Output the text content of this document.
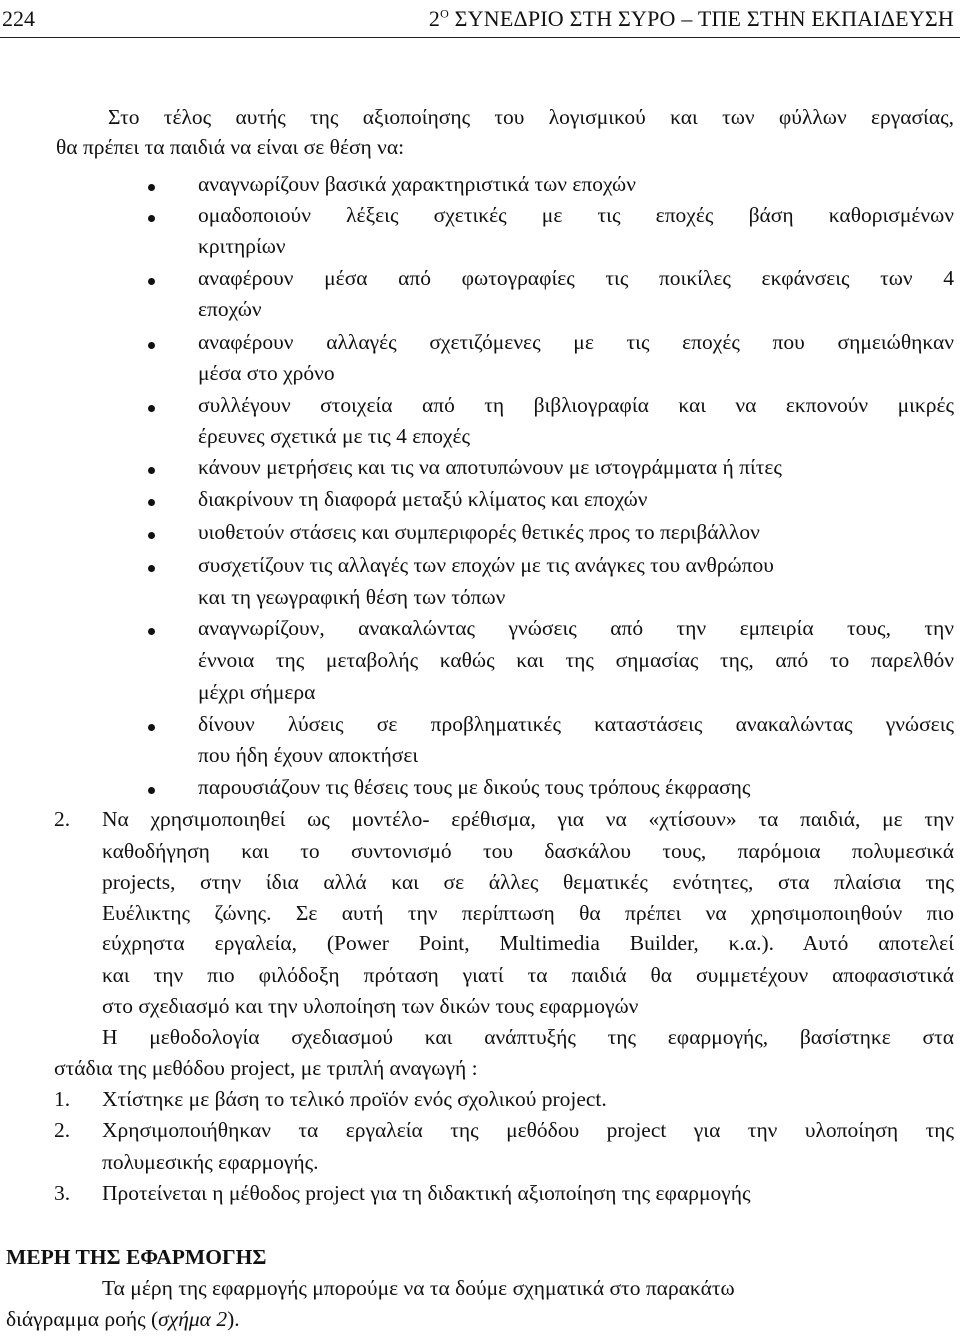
224	$2^O$ ΣΥΝΕΔΡΙΟ ΣΤΗ ΣΥΡΟ – ΤΠΕ ΣΤΗΝ ΕΚΠΑΙΔΕΥΣΗ
Στο τέλος αυτής της αξιοποίησης του λογισμικού και των φύλλων εργασίας,
θα πρέπει τα παιδιά να είναι σε θέση να:
αναγνωρίζουν βασικά χαρακτηριστικά των εποχών
ομαδοποιούν λέξεις σχετικές με τις εποχές βάση καθορισμένων
κριτηρίων
αναφέρουν μέσα από φωτογραφίες τις ποικίλες εκφάνσεις των 4
εποχών
αναφέρουν αλλαγές σχετιζόμενες με τις εποχές που σημειώθηκαν
μέσα στο χρόνο
συλλέγουν στοιχεία από τη βιβλιογραφία και να εκπονούν μικρές
έρευνες σχετικά με τις 4 εποχές
κάνουν μετρήσεις και τις να αποτυπώνουν με ιστογράμματα ή πίτες
διακρίνουν τη διαφορά μεταξύ κλίματος και εποχών
υιοθετούν στάσεις και συμπεριφορές θετικές προς το περιβάλλον
συσχετίζουν τις αλλαγές των εποχών με τις ανάγκες του ανθρώπου
και τη γεωγραφική θέση των τόπων
αναγνωρίζουν, ανακαλώντας γνώσεις από την εμπειρία τους, την
έννοια της μεταβολής καθώς και της σημασίας της, από το παρελθόν
μέχρι σήμερα
δίνουν λύσεις σε προβληματικές καταστάσεις ανακαλώντας γνώσεις
που ήδη έχουν αποκτήσει
παρουσιάζουν τις θέσεις τους με δικούς τους τρόπους έκφρασης
2. Να χρησιμοποιηθεί ως μοντέλο- ερέθισμα, για να «χτίσουν» τα παιδιά, με την
καθοδήγηση και το συντονισμό του δασκάλου τους, παρόμοια πολυμεσικά
projects, στην ίδια αλλά και σε άλλες θεματικές ενότητες, στα πλαίσια της
Ευέλικτης ζώνης. Σε αυτή την περίπτωση θα πρέπει να χρησιμοποιηθούν πιο
εύχρηστα εργαλεία, (Power Point, Multimedia Builder, κ.α.). Αυτό αποτελεί
και την πιο φιλόδοξη πρόταση γιατί τα παιδιά θα συμμετέχουν αποφασιστικά
στο σχεδιασμό και την υλοποίηση των δικών τους εφαρμογών
Η μεθοδολογία σχεδιασμού και ανάπτυξής της εφαρμογής, βασίστηκε στα
στάδια της μεθόδου project, με τριπλή αναγωγή :
1. Χτίστηκε με βάση το τελικό προϊόν ενός σχολικού project.
2. Χρησιμοποιήθηκαν τα εργαλεία της μεθόδου project για την υλοποίηση της
πολυμεσικής εφαρμογής.
3. Προτείνεται η μέθοδος project για τη διδακτική αξιοποίηση της εφαρμογής
ΜΕΡΗ ΤΗΣ ΕΦΑΡΜΟΓΗΣ
Τα μέρη της εφαρμογής μπορούμε να τα δούμε σχηματικά στο παρακάτω
διάγραμμα ροής (σχήμα 2).
